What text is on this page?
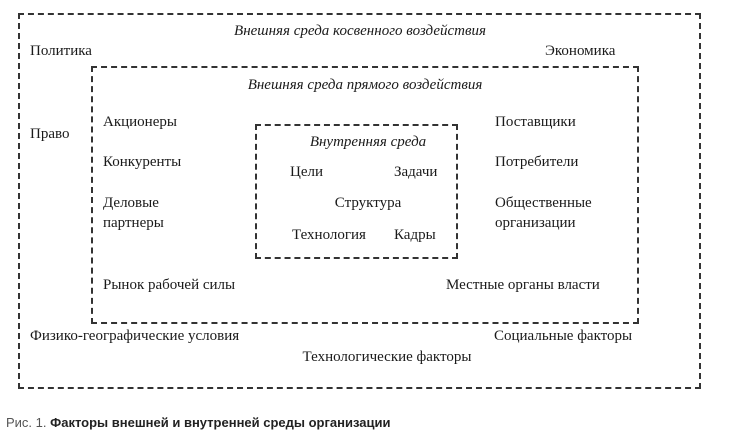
Внешняя среда косвенного воздействия
Политика	Экономика
Право
Физико-географические условия	Социальные факторы
Технологические факторы
Внешняя среда прямого воздействия
Акционеры
Конкуренты
Деловые
партнеры
Рынок рабочей силы
Поставщики
Потребители
Общественные
организации
Местные органы власти
Внутренняя среда
Цели	Задачи
Структура
Технология Кадры
Рис. 1. Факторы внешней и внутренней среды организации
